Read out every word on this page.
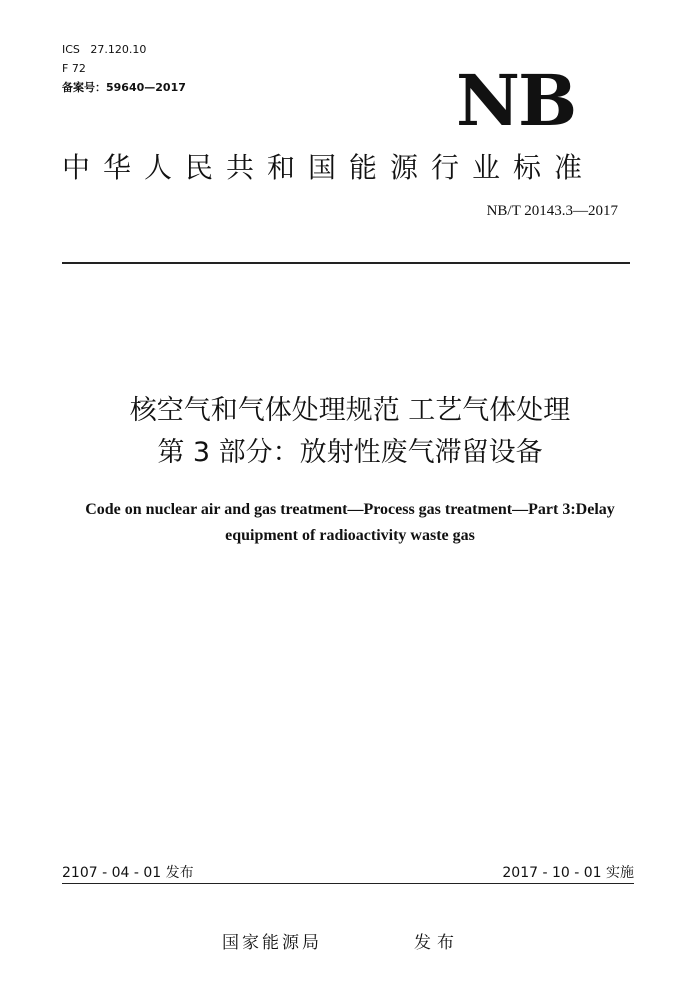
ICS 27.120.10
F 72
备案号：59640—2017	NB
中华人民共和国能源行业标准
NB/T 20143.3—2017
核空气和气体处理规范 工艺气体处理
第 3 部分：放射性废气滞留设备
Code on nuclear air and gas treatment—Process gas treatment—Part 3:Delay
equipment of radioactivity waste gas
2107 - 04 - 01 发布	2017 - 10 - 01 实施
国家能源局	发布
